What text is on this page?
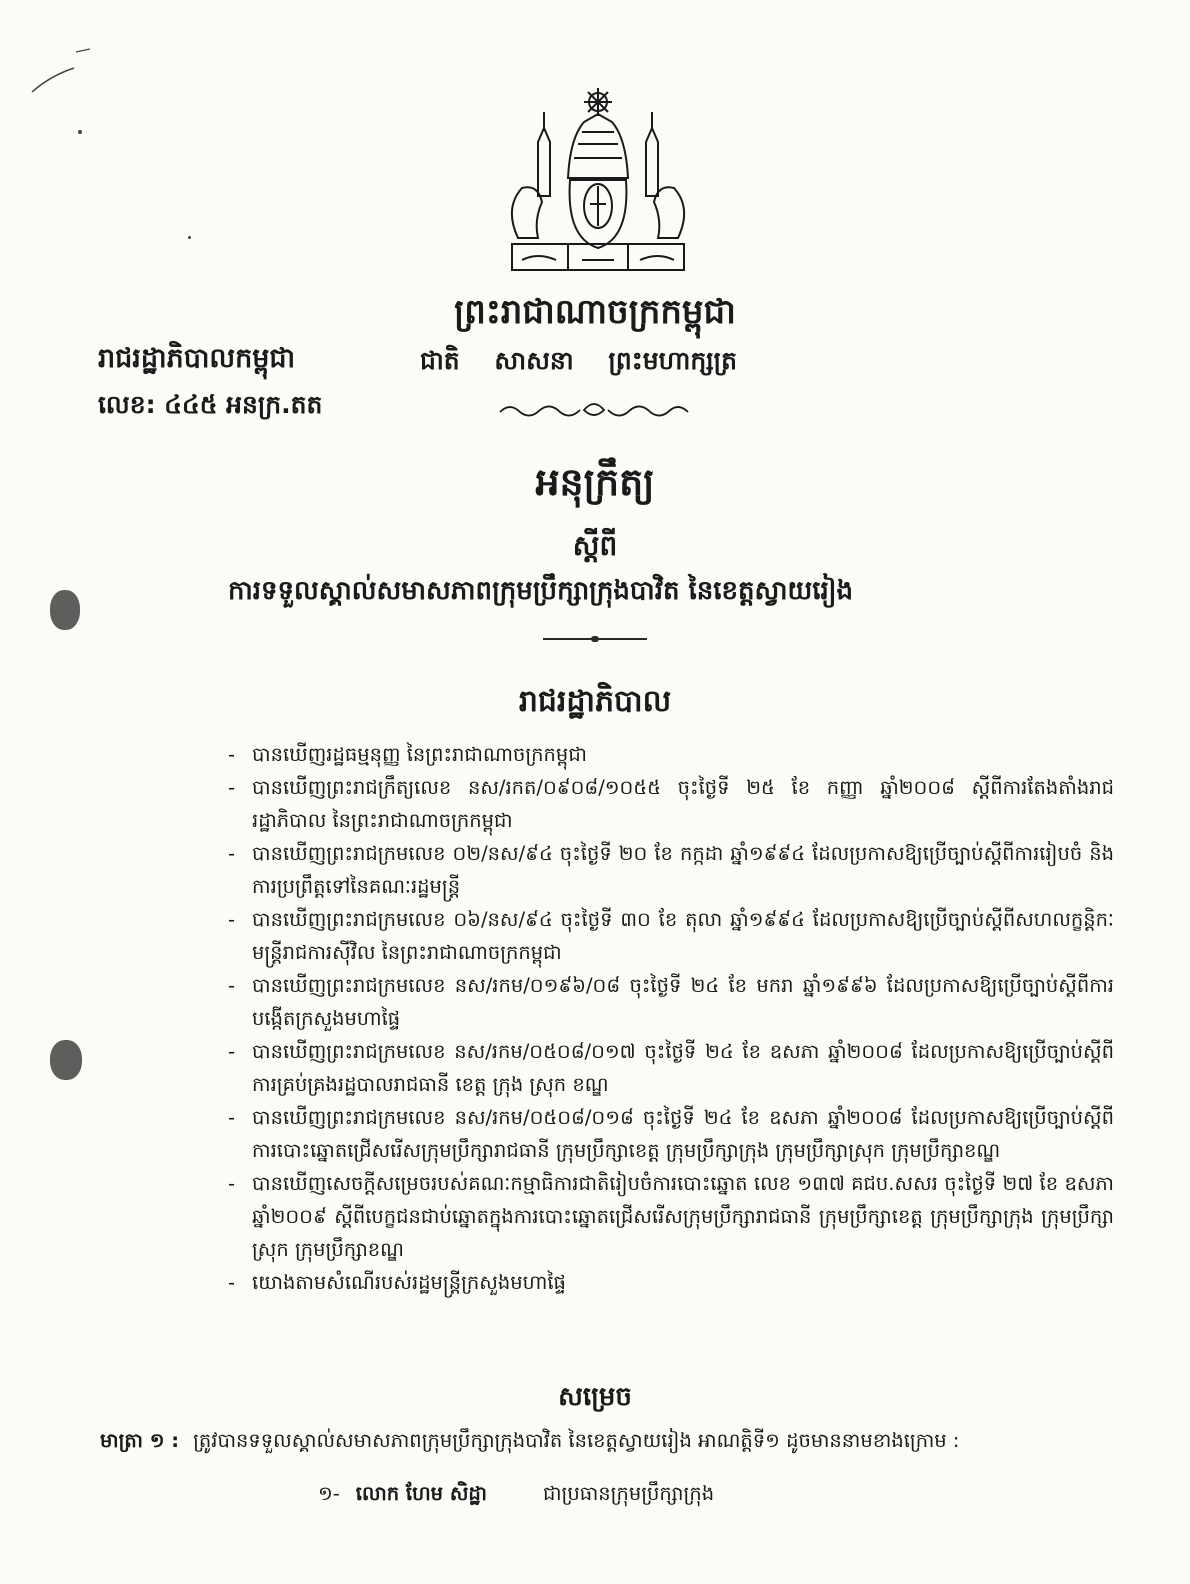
ព្រះរាជាណាចក្រកម្ពុជា
រាជរដ្ឋាភិបាលកម្ពុជា	ជាតិ សាសនា ព្រះមហាក្សត្រ
លេខ: ៤៤៥ អនក្រ.តត
អនុក្រឹត្យ
ស្តីពី
ការទទួលស្គាល់សមាសភាពក្រុមប្រឹក្សាក្រុងបាវិត នៃខេត្តស្វាយរៀង
រាជរដ្ឋាភិបាល
- បានឃើញរដ្ឋធម្មនុញ្ញ នៃព្រះរាជាណាចក្រកម្ពុជា
- បានឃើញព្រះរាជក្រឹត្យលេខ នស/រកត/០៩០៨/១០៥៥ ចុះថ្ងៃទី ២៥ ខែ កញ្ញា ឆ្នាំ២០០៨ ស្តីពីការតែងតាំងរាជរដ្ឋាភិបាល នៃព្រះរាជាណាចក្រកម្ពុជា
- បានឃើញព្រះរាជក្រមលេខ ០២/នស/៩៤ ចុះថ្ងៃទី ២០ ខែ កក្កដា ឆ្នាំ១៩៩៤ ដែលប្រកាសឱ្យប្រើច្បាប់ស្តីពីការរៀបចំ និងការប្រព្រឹត្តទៅនៃគណៈរដ្ឋមន្ត្រី
- បានឃើញព្រះរាជក្រមលេខ ០៦/នស/៩៤ ចុះថ្ងៃទី ៣០ ខែ តុលា ឆ្នាំ១៩៩៤ ដែលប្រកាសឱ្យប្រើច្បាប់ស្តីពីសហលក្ខន្តិកៈមន្ត្រីរាជការស៊ីវិល នៃព្រះរាជាណាចក្រកម្ពុជា
- បានឃើញព្រះរាជក្រមលេខ នស/រកម/០១៩៦/០៨ ចុះថ្ងៃទី ២៤ ខែ មករា ឆ្នាំ១៩៩៦ ដែលប្រកាសឱ្យប្រើច្បាប់ស្តីពីការបង្កើតក្រសួងមហាផ្ទៃ
- បានឃើញព្រះរាជក្រមលេខ នស/រកម/០៥០៨/០១៧ ចុះថ្ងៃទី ២៤ ខែ ឧសភា ឆ្នាំ២០០៨ ដែលប្រកាសឱ្យប្រើច្បាប់ស្តីពីការគ្រប់គ្រងរដ្ឋបាលរាជធានី ខេត្ត ក្រុង ស្រុក ខណ្ឌ
- បានឃើញព្រះរាជក្រមលេខ នស/រកម/០៥០៨/០១៨ ចុះថ្ងៃទី ២៤ ខែ ឧសភា ឆ្នាំ២០០៨ ដែលប្រកាសឱ្យប្រើច្បាប់ស្តីពីការបោះឆ្នោតជ្រើសរើសក្រុមប្រឹក្សារាជធានី ក្រុមប្រឹក្សាខេត្ត ក្រុមប្រឹក្សាក្រុង ក្រុមប្រឹក្សាស្រុក ក្រុមប្រឹក្សាខណ្ឌ
- បានឃើញសេចក្តីសម្រេចរបស់គណៈកម្មាធិការជាតិរៀបចំការបោះឆ្នោត លេខ ១៣៧ គជប.សសរ ចុះថ្ងៃទី ២៧ ខែ ឧសភា ឆ្នាំ២០០៩ ស្តីពីបេក្ខជនជាប់ឆ្នោតក្នុងការបោះឆ្នោតជ្រើសរើសក្រុមប្រឹក្សារាជធានី ក្រុមប្រឹក្សាខេត្ត ក្រុមប្រឹក្សាក្រុង ក្រុមប្រឹក្សាស្រុក ក្រុមប្រឹក្សាខណ្ឌ
- យោងតាមសំណើរបស់រដ្ឋមន្ត្រីក្រសួងមហាផ្ទៃ
សម្រេច
មាត្រា ១ : ត្រូវបានទទួលស្គាល់សមាសភាពក្រុមប្រឹក្សាក្រុងបាវិត នៃខេត្តស្វាយរៀង អាណត្តិទី១ ដូចមាននាមខាងក្រោម :
១- លោក ហែម សិដ្ឋា	ជាប្រធានក្រុមប្រឹក្សាក្រុង
